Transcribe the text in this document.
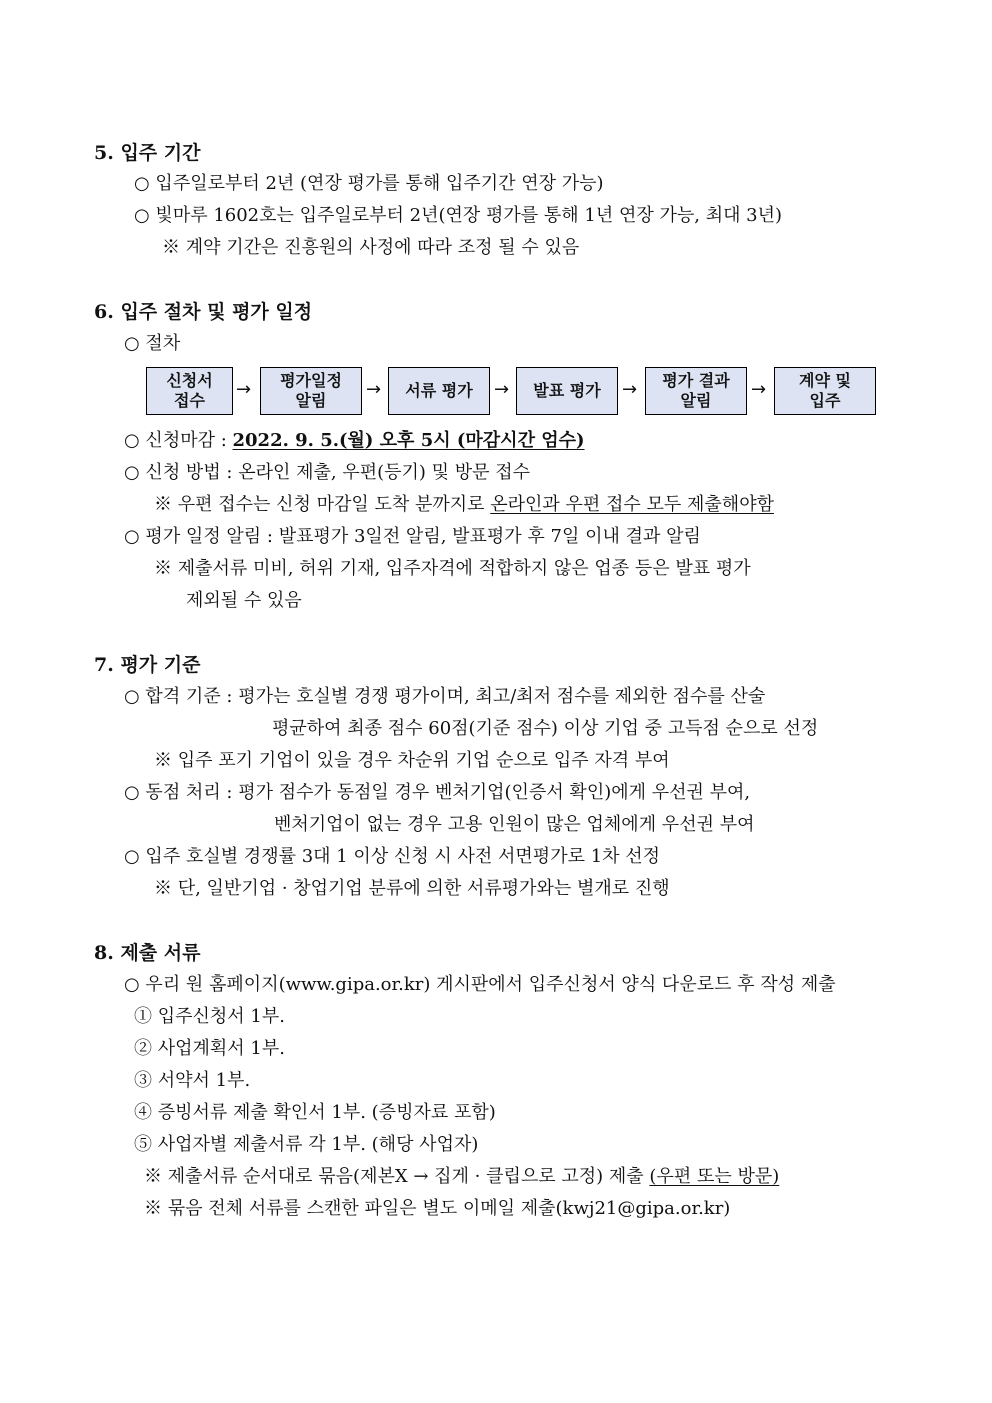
5. 입주 기간
○ 입주일로부터 2년 (연장 평가를 통해 입주기간 연장 가능)
○ 빛마루 1602호는 입주일로부터 2년(연장 평가를 통해 1년 연장 가능, 최대 3년)
※ 계약 기간은 진흥원의 사정에 따라 조정 될 수 있음
6. 입주 절차 및 평가 일정
○ 절차
신청서
접수
→	평가일정
알림
→	서류 평가	→	발표 평가	→	평가 결과
알림
→	계약 및
입주
○ 신청마감 : 2022. 9. 5.(월) 오후 5시 (마감시간 엄수)
○ 신청 방법 : 온라인 제출, 우편(등기) 및 방문 접수
※ 우편 접수는 신청 마감일 도착 분까지로 온라인과 우편 접수 모두 제출해야함
○ 평가 일정 알림 : 발표평가 3일전 알림, 발표평가 후 7일 이내 결과 알림
※ 제출서류 미비, 허위 기재, 입주자격에 적합하지 않은 업종 등은 발표 평가
제외될 수 있음
7. 평가 기준
○ 합격 기준 : 평가는 호실별 경쟁 평가이며, 최고/최저 점수를 제외한 점수를 산술
평균하여 최종 점수 60점(기준 점수) 이상 기업 중 고득점 순으로 선정
※ 입주 포기 기업이 있을 경우 차순위 기업 순으로 입주 자격 부여
○ 동점 처리 : 평가 점수가 동점일 경우 벤처기업(인증서 확인)에게 우선권 부여,
벤처기업이 없는 경우 고용 인원이 많은 업체에게 우선권 부여
○ 입주 호실별 경쟁률 3대 1 이상 신청 시 사전 서면평가로 1차 선정
※ 단, 일반기업 · 창업기업 분류에 의한 서류평가와는 별개로 진행
8. 제출 서류
○ 우리 원 홈페이지(www.gipa.or.kr) 게시판에서 입주신청서 양식 다운로드 후 작성 제출
① 입주신청서 1부.
② 사업계획서 1부.
③ 서약서 1부.
④ 증빙서류 제출 확인서 1부. (증빙자료 포함)
⑤ 사업자별 제출서류 각 1부. (해당 사업자)
※ 제출서류 순서대로 묶음(제본X → 집게 · 클립으로 고정) 제출 (우편 또는 방문)
※ 묶음 전체 서류를 스캔한 파일은 별도 이메일 제출(kwj21@gipa.or.kr)
